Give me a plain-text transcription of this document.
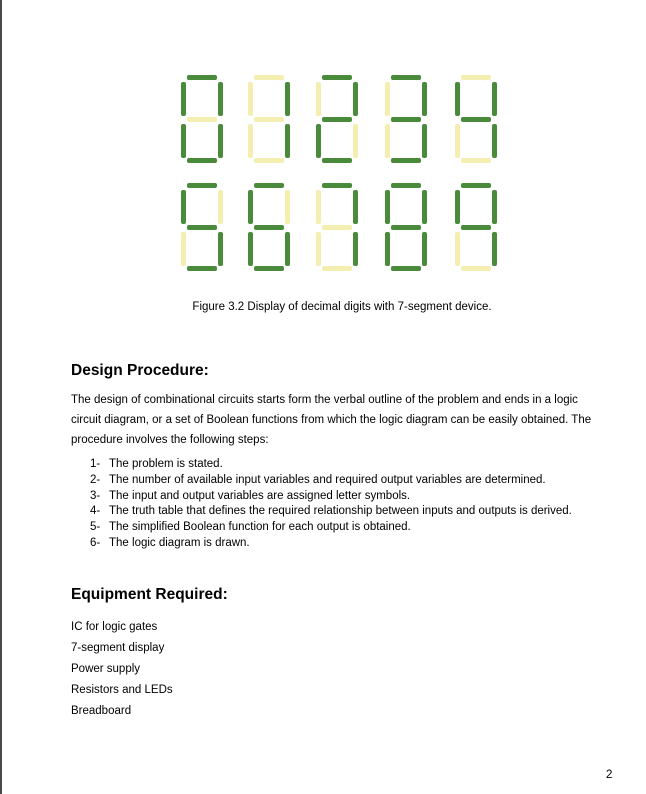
Figure 3.2 Display of decimal digits with 7-segment device.
Design Procedure:

The design of combinational circuits starts form the verbal outline of the problem and ends in a logic circuit diagram, or a set of Boolean functions from which the logic diagram can be easily obtained. The procedure involves the following steps:

1- The problem is stated.
2- The number of available input variables and required output variables are determined.
3- The input and output variables are assigned letter symbols.
4- The truth table that defines the required relationship between inputs and outputs is derived.
5- The simplified Boolean function for each output is obtained.
6- The logic diagram is drawn.
Equipment Required:
IC for logic gates
7-segment display
Power supply
Resistors and LEDs
Breadboard
2
